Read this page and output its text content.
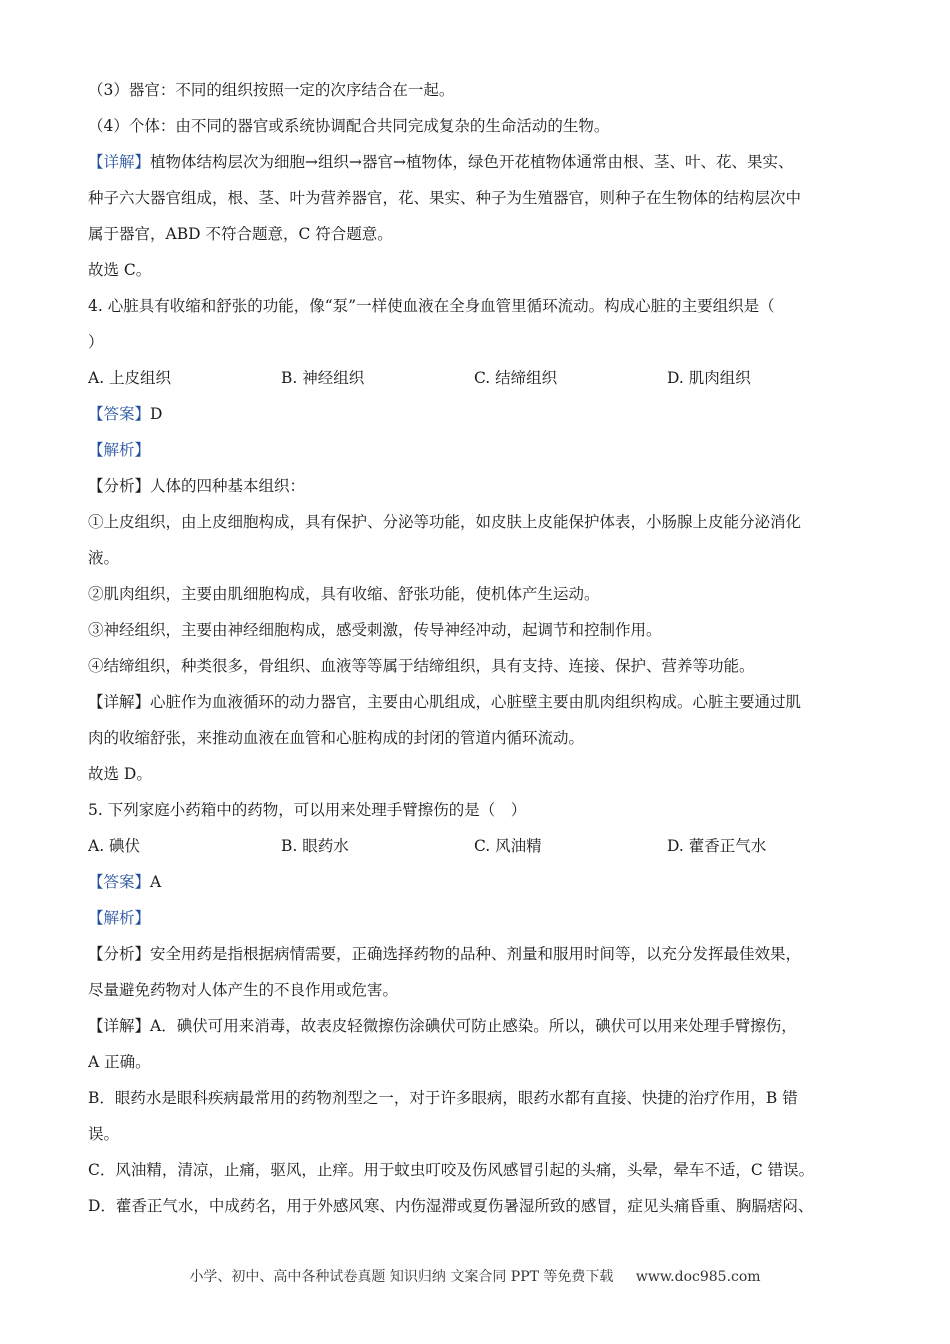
（3）器官：不同的组织按照一定的次序结合在一起。
（4）个体：由不同的器官或系统协调配合共同完成复杂的生命活动的生物。
【详解】植物体结构层次为细胞→组织→器官→植物体，绿色开花植物体通常由根、茎、叶、花、果实、
种子六大器官组成，根、茎、叶为营养器官，花、果实、种子为生殖器官，则种子在生物体的结构层次中
属于器官，ABD 不符合题意，C 符合题意。
故选 C。
4. 心脏具有收缩和舒张的功能，像“泵”一样使血液在全身血管里循环流动。构成心脏的主要组织是（
）
A. 上皮组织	B. 神经组织	C. 结缔组织	D. 肌肉组织
【答案】D
【解析】
【分析】人体的四种基本组织：
①上皮组织，由上皮细胞构成，具有保护、分泌等功能，如皮肤上皮能保护体表，小肠腺上皮能分泌消化
液。
②肌肉组织，主要由肌细胞构成，具有收缩、舒张功能，使机体产生运动。
③神经组织，主要由神经细胞构成，感受刺激，传导神经冲动，起调节和控制作用。
④结缔组织，种类很多，骨组织、血液等等属于结缔组织，具有支持、连接、保护、营养等功能。
【详解】心脏作为血液循环的动力器官，主要由心肌组成，心脏壁主要由肌肉组织构成。心脏主要通过肌
肉的收缩舒张，来推动血液在血管和心脏构成的封闭的管道内循环流动。
故选 D。
5. 下列家庭小药箱中的药物，可以用来处理手臂擦伤的是（　）
A. 碘伏	B. 眼药水	C. 风油精	D. 藿香正气水
【答案】A
【解析】
【分析】安全用药是指根据病情需要，正确选择药物的品种、剂量和服用时间等，以充分发挥最佳效果，
尽量避免药物对人体产生的不良作用或危害。
【详解】A．碘伏可用来消毒，故表皮轻微擦伤涂碘伏可防止感染。所以，碘伏可以用来处理手臂擦伤，
A 正确。
B．眼药水是眼科疾病最常用的药物剂型之一，对于许多眼病，眼药水都有直接、快捷的治疗作用，B 错
误。
C．风油精，清凉，止痛，驱风，止痒。用于蚊虫叮咬及伤风感冒引起的头痛，头晕，晕车不适，C 错误。
D．藿香正气水，中成药名，用于外感风寒、内伤湿滞或夏伤暑湿所致的感冒，症见头痛昏重、胸膈痞闷、
小学、初中、高中各种试卷真题 知识归纳 文案合同 PPT 等免费下载 www.doc985.com
